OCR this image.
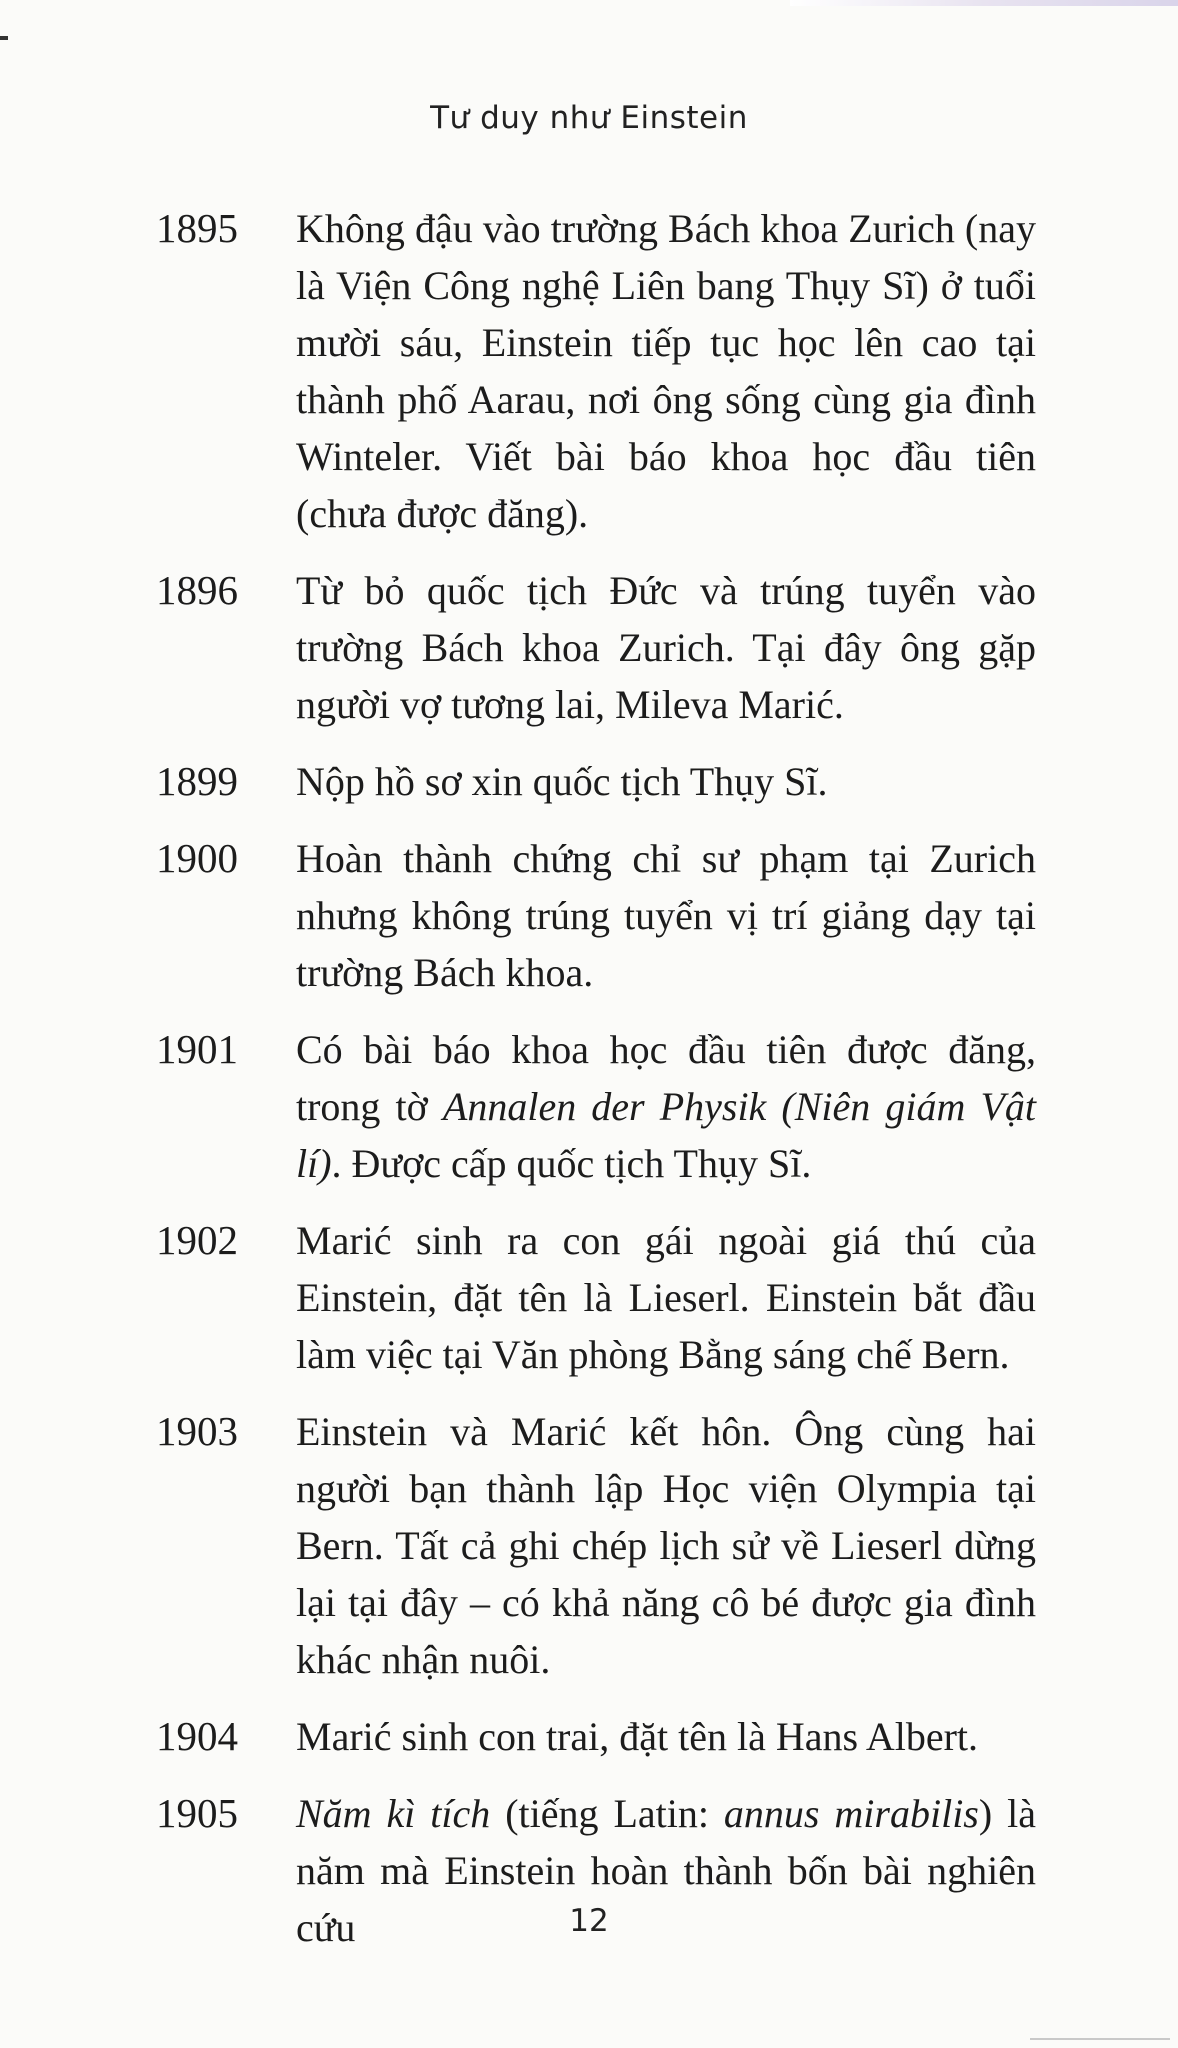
Tư duy như Einstein
1895	Không đậu vào trường Bách khoa Zurich (nay là Viện Công nghệ Liên bang Thụy Sĩ) ở tuổi mười sáu, Einstein tiếp tục học lên cao tại thành phố Aarau, nơi ông sống cùng gia đình Winteler. Viết bài báo khoa học đầu tiên (chưa được đăng).
1896	Từ bỏ quốc tịch Đức và trúng tuyển vào trường Bách khoa Zurich. Tại đây ông gặp người vợ tương lai, Mileva Marić.
1899	Nộp hồ sơ xin quốc tịch Thụy Sĩ.
1900	Hoàn thành chứng chỉ sư phạm tại Zurich nhưng không trúng tuyển vị trí giảng dạy tại trường Bách khoa.
1901	Có bài báo khoa học đầu tiên được đăng, trong tờ Annalen der Physik (Niên giám Vật lí). Được cấp quốc tịch Thụy Sĩ.
1902	Marić sinh ra con gái ngoài giá thú của Einstein, đặt tên là Lieserl. Einstein bắt đầu làm việc tại Văn phòng Bằng sáng chế Bern.
1903	Einstein và Marić kết hôn. Ông cùng hai người bạn thành lập Học viện Olympia tại Bern. Tất cả ghi chép lịch sử về Lieserl dừng lại tại đây – có khả năng cô bé được gia đình khác nhận nuôi.
1904	Marić sinh con trai, đặt tên là Hans Albert.
1905	Năm kì tích (tiếng Latin: annus mirabilis) là năm mà Einstein hoàn thành bốn bài nghiên cứu	12
